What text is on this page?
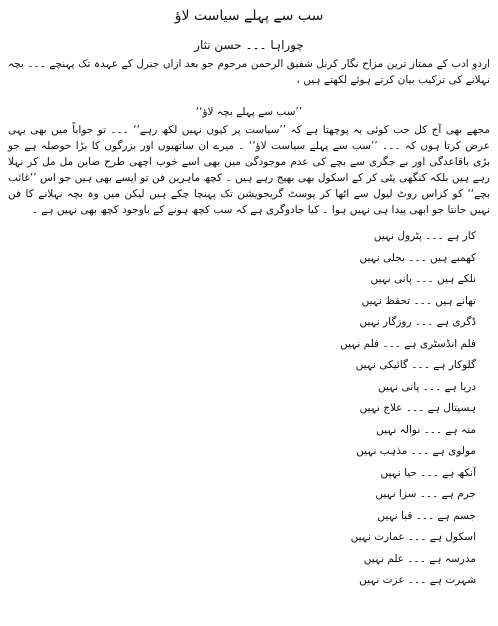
سب سے پہلے سیاست لاؤ
چوراہا ۔۔۔ حسن نثار
اردو ادب کے ممتاز ترین مزاح نگار کرنل شفیق الرحمن مرحوم جو بعد ازاں جنرل کے عہدہ تک پہنچے ۔۔۔ بچہ نہلانے کی ترکیب بیان کرتے ہوئے لکھتے ہیں ،
’’سب سے پہلے بچہ لاؤ‘‘
مجھے بھی آج کل جب کوئی یہ پوچھتا ہے کہ ’’سیاست پر کیوں نہیں لکھ رہے‘‘ ۔۔۔ تو جواباً میں بھی یہی عرض کرتا ہوں کہ ۔۔۔ ’’سب سے پہلے سیاست لاؤ‘‘ ۔ میرے ان ساتھیوں اور بزرگوں کا بڑا حوصلہ ہے جو بڑی باقاعدگی اور بے جگری سے بچے کی عدم موجودگی میں بھی اسے خوب اچھی طرح صابن مل مل کر نہلا رہے ہیں بلکہ کنگھی پٹی کر کے اسکول بھی بھیج رہے ہیں ۔ کچھ ماہرین فن تو ایسے بھی ہیں جو اس ’’غائب بچے‘‘ کو کراس روٹ لیول سے اٹھا کر پوسٹ گریجویشن تک پہنچا چکے ہیں لیکن میں وہ بچہ نہلانے کا فن نہیں جانتا جو ابھی پیدا ہی نہیں ہوا ۔ کیا جادوگری ہے کہ سب کچھ ہونے کے باوجود کچھ بھی نہیں ہے ۔
کار ہے ۔۔۔ پٹرول نہیں
کھمبے ہیں ۔۔۔ بجلی نہیں
نلکے ہیں ۔۔۔ پانی نہیں
تھانے ہیں ۔۔۔ تحفظ نہیں
ڈگری ہے ۔۔۔ روزگار نہیں
فلم انڈسٹری ہے ۔۔۔ فلم نہیں
گلوکار ہے ۔۔۔ گائیکی نہیں
دریا ہے ۔۔۔ پانی نہیں
ہسپتال ہے ۔۔۔ علاج نہیں
منہ ہے ۔۔۔ نوالہ نہیں
مولوی ہے ۔۔۔ مذہب نہیں
آنکھ ہے ۔۔۔ حیا نہیں
جرم ہے ۔۔۔ سزا نہیں
جسم ہے ۔۔۔ قبا نہیں
اسکول ہے ۔۔۔ عمارت نہیں
مدرسہ ہے ۔۔۔ علم نہیں
شہرت ہے ۔۔۔ عزت نہیں
